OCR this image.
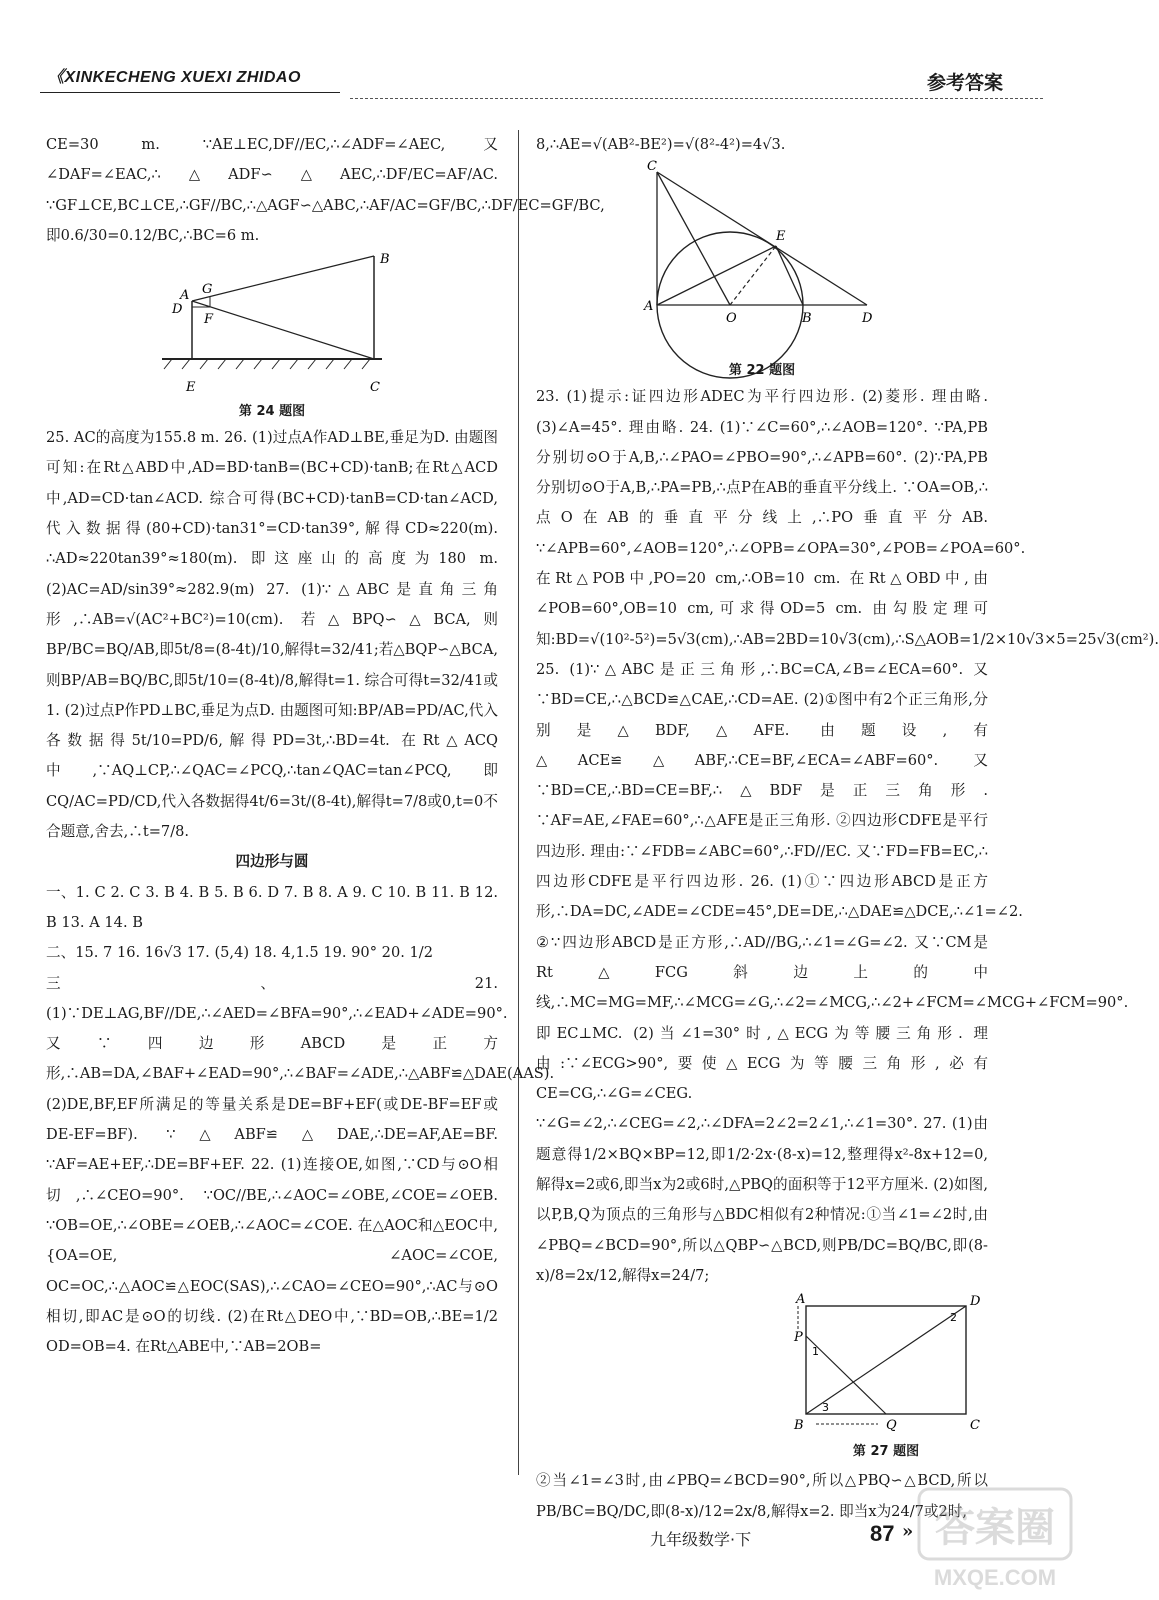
《XINKECHENG XUEXI ZHIDAO	参考答案

CE=30 m. ∵AE⊥EC,DF//EC,∴∠ADF=∠AEC,又∠DAF=∠EAC,∴△ADF∽△AEC,∴DF/EC=AF/AC. ∵GF⊥CE,BC⊥CE,∴GF//BC,∴△AGF∽△ABC,∴AF/AC=GF/BC,∴DF/EC=GF/BC,即0.6/30=0.12/BC,∴BC=6 m.

A G
D
F
B
E	C
第 24 题图

25. AC的高度为155.8 m. 26. (1)过点A作AD⊥BE,垂足为D. 由题图可知:在Rt△ABD中,AD=BD·tanB=(BC+CD)·tanB;在Rt△ACD中,AD=CD·tan∠ACD. 综合可得(BC+CD)·tanB=CD·tan∠ACD,代入数据得(80+CD)·tan31°=CD·tan39°,解得CD≈220(m). ∴AD≈220tan39°≈180(m). 即这座山的高度为180 m. (2)AC=AD/sin39°≈282.9(m) 27. (1)∵△ABC是直角三角形,∴AB=√(AC²+BC²)=10(cm). 若△BPQ∽△BCA,则BP/BC=BQ/AB,即5t/8=(8-4t)/10,解得t=32/41;若△BQP∽△BCA,则BP/AB=BQ/BC,即5t/10=(8-4t)/8,解得t=1. 综合可得t=32/41或1. (2)过点P作PD⊥BC,垂足为点D. 由题图可知:BP/AB=PD/AC,代入各数据得5t/10=PD/6,解得PD=3t,∴BD=4t. 在Rt△ACQ中,∵AQ⊥CP,∴∠QAC=∠PCQ,∴tan∠QAC=tan∠PCQ,即CQ/AC=PD/CD,代入各数据得4t/6=3t/(8-4t),解得t=7/8或0,t=0不合题意,舍去,∴t=7/8.

四边形与圆

一、1. C 2. C 3. B 4. B 5. B 6. D 7. B 8. A 9. C 10. B 11. B 12. B 13. A 14. B

二、15. 7 16. 16√3 17. (5,4) 18. 4,1.5 19. 90° 20. 1/2

三、21. (1)∵DE⊥AG,BF//DE,∴∠AED=∠BFA=90°,∴∠EAD+∠ADE=90°. 又∵四边形ABCD是正方形,∴AB=DA,∠BAF+∠EAD=90°,∴∠BAF=∠ADE,∴△ABF≌△DAE(AAS). (2)DE,BF,EF所满足的等量关系是DE=BF+EF(或DE-BF=EF或DE-EF=BF). ∵△ABF≌△DAE,∴DE=AF,AE=BF. ∵AF=AE+EF,∴DE=BF+EF. 22. (1)连接OE,如图,∵CD与⊙O相切,∴∠CEO=90°. ∵OC//BE,∴∠AOC=∠OBE,∠COE=∠OEB. ∵OB=OE,∴∠OBE=∠OEB,∴∠AOC=∠COE. 在△AOC和△EOC中,{OA=OE, ∠AOC=∠COE, OC=OC,∴△AOC≌△EOC(SAS),∴∠CAO=∠CEO=90°,∴AC与⊙O相切,即AC是⊙O的切线. (2)在Rt△DEO中,∵BD=OB,∴BE=1/2 OD=OB=4. 在Rt△ABE中,∵AB=2OB=

8,∴AE=√(AB²-BE²)=√(8²-4²)=4√3.

C
E
A
O	B	D
第 22 题图

23. (1)提示:证四边形ADEC为平行四边形. (2)菱形. 理由略. (3)∠A=45°. 理由略. 24. (1)∵∠C=60°,∴∠AOB=120°. ∵PA,PB分别切⊙O于A,B,∴∠PAO=∠PBO=90°,∴∠APB=60°. (2)∵PA,PB分别切⊙O于A,B,∴PA=PB,∴点P在AB的垂直平分线上. ∵OA=OB,∴点O在AB的垂直平分线上,∴PO垂直平分AB. ∵∠APB=60°,∠AOB=120°,∴∠OPB=∠OPA=30°,∠POB=∠POA=60°. 在Rt△POB中,PO=20 cm,∴OB=10 cm. 在Rt△OBD中,由∠POB=60°,OB=10 cm,可求得OD=5 cm. 由勾股定理可知:BD=√(10²-5²)=5√3(cm),∴AB=2BD=10√3(cm),∴S△AOB=1/2×10√3×5=25√3(cm²). 25. (1)∵△ABC是正三角形,∴BC=CA,∠B=∠ECA=60°. 又∵BD=CE,∴△BCD≌△CAE,∴CD=AE. (2)①图中有2个正三角形,分别是△BDF,△AFE. 由题设,有△ACE≌△ABF,∴CE=BF,∠ECA=∠ABF=60°. 又∵BD=CE,∴BD=CE=BF,∴△BDF是正三角形. ∵AF=AE,∠FAE=60°,∴△AFE是正三角形. ②四边形CDFE是平行四边形. 理由:∵∠FDB=∠ABC=60°,∴FD//EC. 又∵FD=FB=EC,∴四边形CDFE是平行四边形. 26. (1)①∵四边形ABCD是正方形,∴DA=DC,∠ADE=∠CDE=45°,DE=DE,∴△DAE≌△DCE,∴∠1=∠2. ②∵四边形ABCD是正方形,∴AD//BG,∴∠1=∠G=∠2. 又∵CM是Rt△FCG斜边上的中线,∴MC=MG=MF,∴∠MCG=∠G,∴∠2=∠MCG,∴∠2+∠FCM=∠MCG+∠FCM=90°. 即EC⊥MC. (2)当∠1=30°时,△ECG为等腰三角形. 理由:∵∠ECG>90°,要使△ECG为等腰三角形,必有CE=CG,∴∠G=∠CEG. ∵∠G=∠2,∴∠CEG=∠2,∴∠DFA=2∠2=2∠1,∴∠1=30°. 27. (1)由题意得1/2×BQ×BP=12,即1/2·2x·(8-x)=12,整理得x²-8x+12=0,解得x=2或6,即当x为2或6时,△PBQ的面积等于12平方厘米. (2)如图,以P,B,Q为顶点的三角形与△BDC相似有2种情况:①当∠1=∠2时,由∠PBQ=∠BCD=90°,所以△QBP∽△BCD,则PB/DC=BQ/BC,即(8-x)/8=2x/12,解得x=24/7;

A	D
P
B	Q	C
1
2
3
第 27 题图

②当∠1=∠3时,由∠PBQ=∠BCD=90°,所以△PBQ∽△BCD,所以PB/BC=BQ/DC,即(8-x)/12=2x/8,解得x=2. 即当x为24/7或2时,

九年级数学·下	87 » 答案圈
MXQE.COM
